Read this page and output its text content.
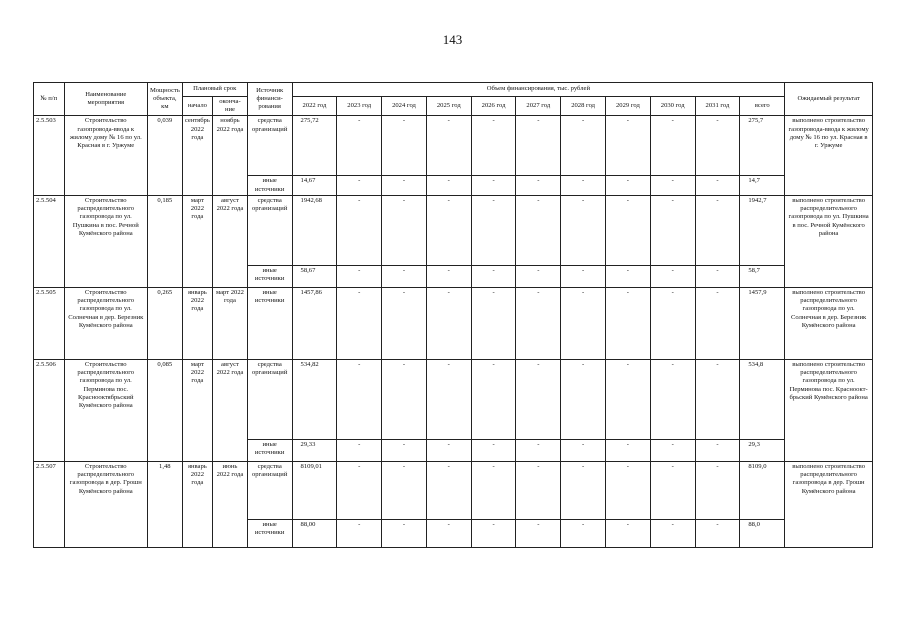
143
№ п/п	Наименование мероприятия	Мощность объекта, км	Плановый срок		Источник финанси-рования	Объем финансирования, тыс. рублей											Ожидаемый результат
			начало	оконча-ние		2022 год	2023 год	2024 год	2025 год	2026 год	2027 год	2028 год	2029 год	2030 год	2031 год	всего	
2.5.503	Строительство газопровода-ввода к жилому дому № 16 по ул. Красная в г. Уржуме	0,039	сентябрь 2022 года	ноябрь 2022 года	средства организаций	275,72	-	-	-	-	-	-	-	-	-	275,7	выполнено строительство газопровода-ввода к жилому дому № 16 по ул. Красная в г. Уржуме
					иные источники	14,67	-	-	-	-	-	-	-	-	-	14,7	
2.5.504	Строительство распределительного газопровода по ул. Пушкина в пос. Речной Кумёнского района	0,185	март 2022 года	август 2022 года	средства организаций	1942,68	-	-	-	-	-	-	-	-	-	1942,7	выполнено строительство распределительного газопровода по ул. Пушкина в пос. Речной Кумёнского района
					иные источники	58,67	-	-	-	-	-	-	-	-	-	58,7	
2.5.505	Строительство распределительного газопровода по ул. Солнечная в дер. Березник Кумёнского района	0,265	январь 2022 года	март 2022 года	иные источники	1457,86	-	-	-	-	-	-	-	-	-	1457,9	выполнено строительство распределительного газопровода по ул. Солнечная в дер. Березник Кумёнского района
2.5.506	Строительство распределительного газопровода по ул. Перминова пос. Краснооктябрьский Кумёнского района	0,085	март 2022 года	август 2022 года	средства организаций	534,82	-	-	-	-	-	-	-	-	-	534,8	выполнено строительство распределительного газопровода по ул. Перминова пос. Красноокт-брьский Кумёнского района
					иные источники	29,33	-	-	-	-	-	-	-	-	-	29,3	
2.5.507	Строительство распределительного газопровода в дер. Грошн Кумёнского района	1,48	январь 2022 года	июнь 2022 года	средства организаций	8109,01	-	-	-	-	-	-	-	-	-	8109,0	выполнено строительство распределительного газопровода в дер. Грошн Кумёнского района
					иные источники	88,00	-	-	-	-	-	-	-	-	-	88,0	
